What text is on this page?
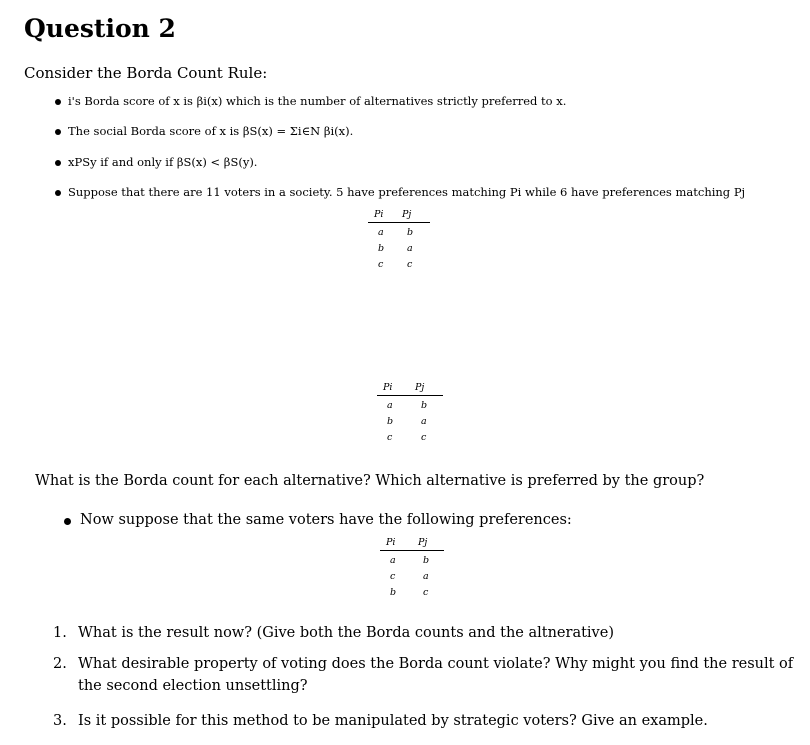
Question 2
Consider the Borda Count Rule:
i's Borda score of x is βi(x) which is the number of alternatives strictly preferred to x.
The social Borda score of x is βS(x) = Σi∈N βi(x).
xPSy if and only if βS(x) < βS(y).
Suppose that there are 11 voters in a society. 5 have preferences matching Pi while 6 have preferences matching Pj
Pi Pj
a b
b a
c c
Pi Pj
a	b
b	a
c	c
What is the Borda count for each alternative? Which alternative is preferred by the group?
Now suppose that the same voters have the following preferences:
Pi Pj
a	b
c	a
b	c
1. What is the result now? (Give both the Borda counts and the altnerative)
2. What desirable property of voting does the Borda count violate? Why might you find the result of
the second election unsettling?
3. Is it possible for this method to be manipulated by strategic voters? Give an example.
